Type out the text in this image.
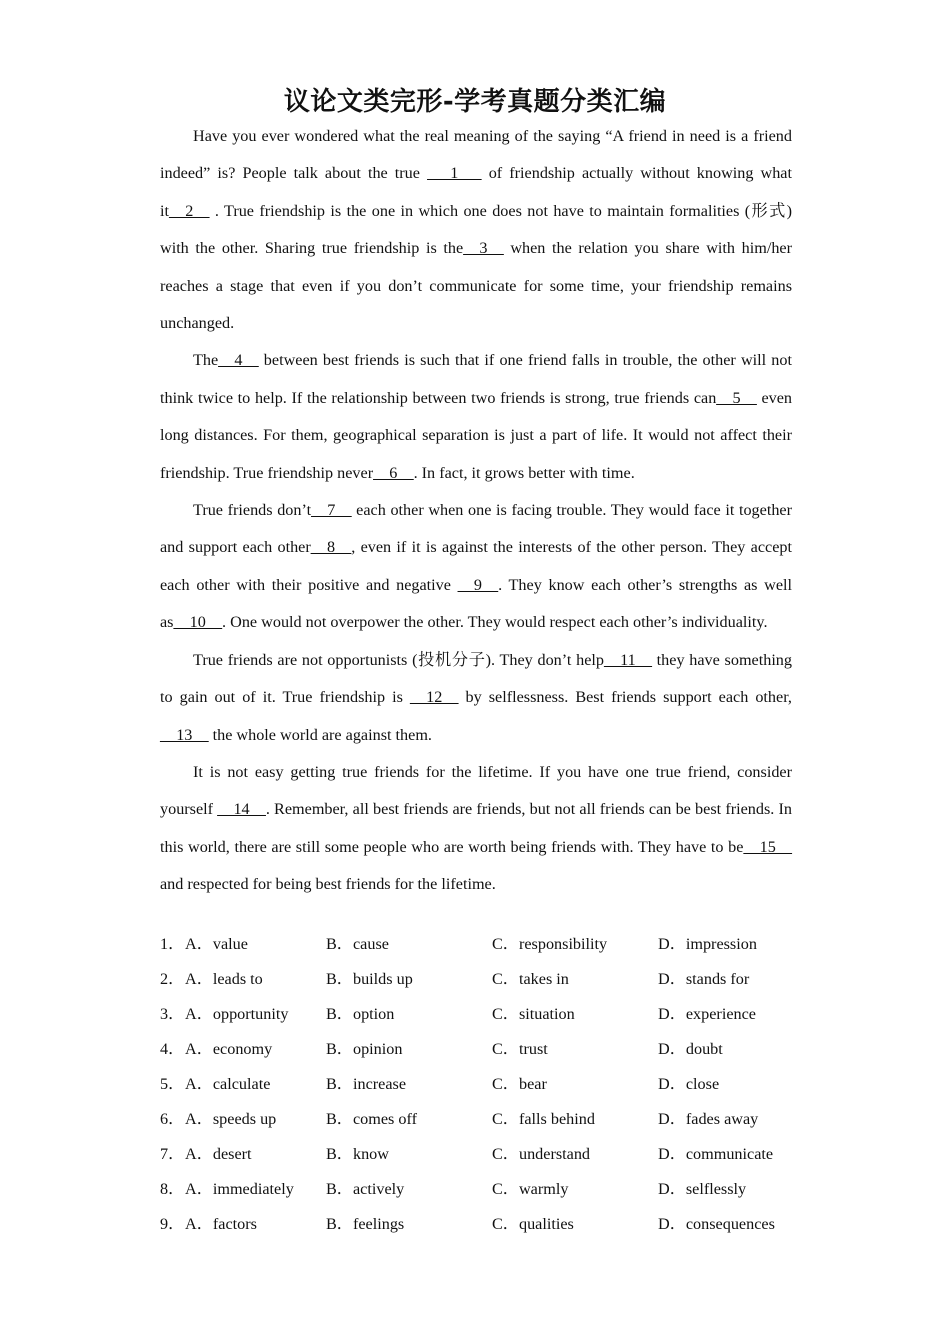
议论文类完形-学考真题分类汇编

Have you ever wondered what the real meaning of the saying “A friend in need is a friend indeed” is? People talk about the true  __1__  of friendship actually without knowing what it__2__ . True friendship is the one in which one does not have to maintain formalities (形式) with the other. Sharing true friendship is the__3__ when the relation you share with him/her reaches a stage that even if you don’t communicate for some time, your friendship remains unchanged.

The__4__ between best friends is such that if one friend falls in trouble, the other will not think twice to help. If the relationship between two friends is strong, true friends can__5__ even long distances. For them, geographical separation is just a part of life. It would not affect their friendship. True friendship never__6__. In fact, it grows better with time.

True friends don’t__7__ each other when one is facing trouble. They would face it together and support each other__8__, even if it is against the interests of the other person. They accept each other with their positive and negative __9__. They know each other’s strengths as well as__10__. One would not overpower the other. They would respect each other’s individuality.

True friends are not opportunists (投机分子). They don’t help__11__ they have something to gain out of it. True friendship is __12__ by selflessness. Best friends support each other, __13__ the whole world are against them.

It is not easy getting true friends for the lifetime. If you have one true friend, consider yourself __14__. Remember, all best friends are friends, but not all friends can be best friends. In this world, there are still some people who are worth being friends with. They have to be__15__ and respected for being best friends for the lifetime.

1． A．value	B．cause	C．responsibility	D．impression
2． A．leads to	B．builds up	C．takes in	D．stands for
3． A．opportunity B．option	C．situation	D．experience
4． A．economy	B．opinion	C．trust	D．doubt
5． A．calculate	B．increase	C．bear	D．close
6． A．speeds up	B．comes off	C．falls behind	D．fades away
7． A．desert	B．know	C．understand	D．communicate
8． A．immediately B．actively	C．warmly	D．selflessly
9． A．factors	B．feelings	C．qualities	D．consequences
